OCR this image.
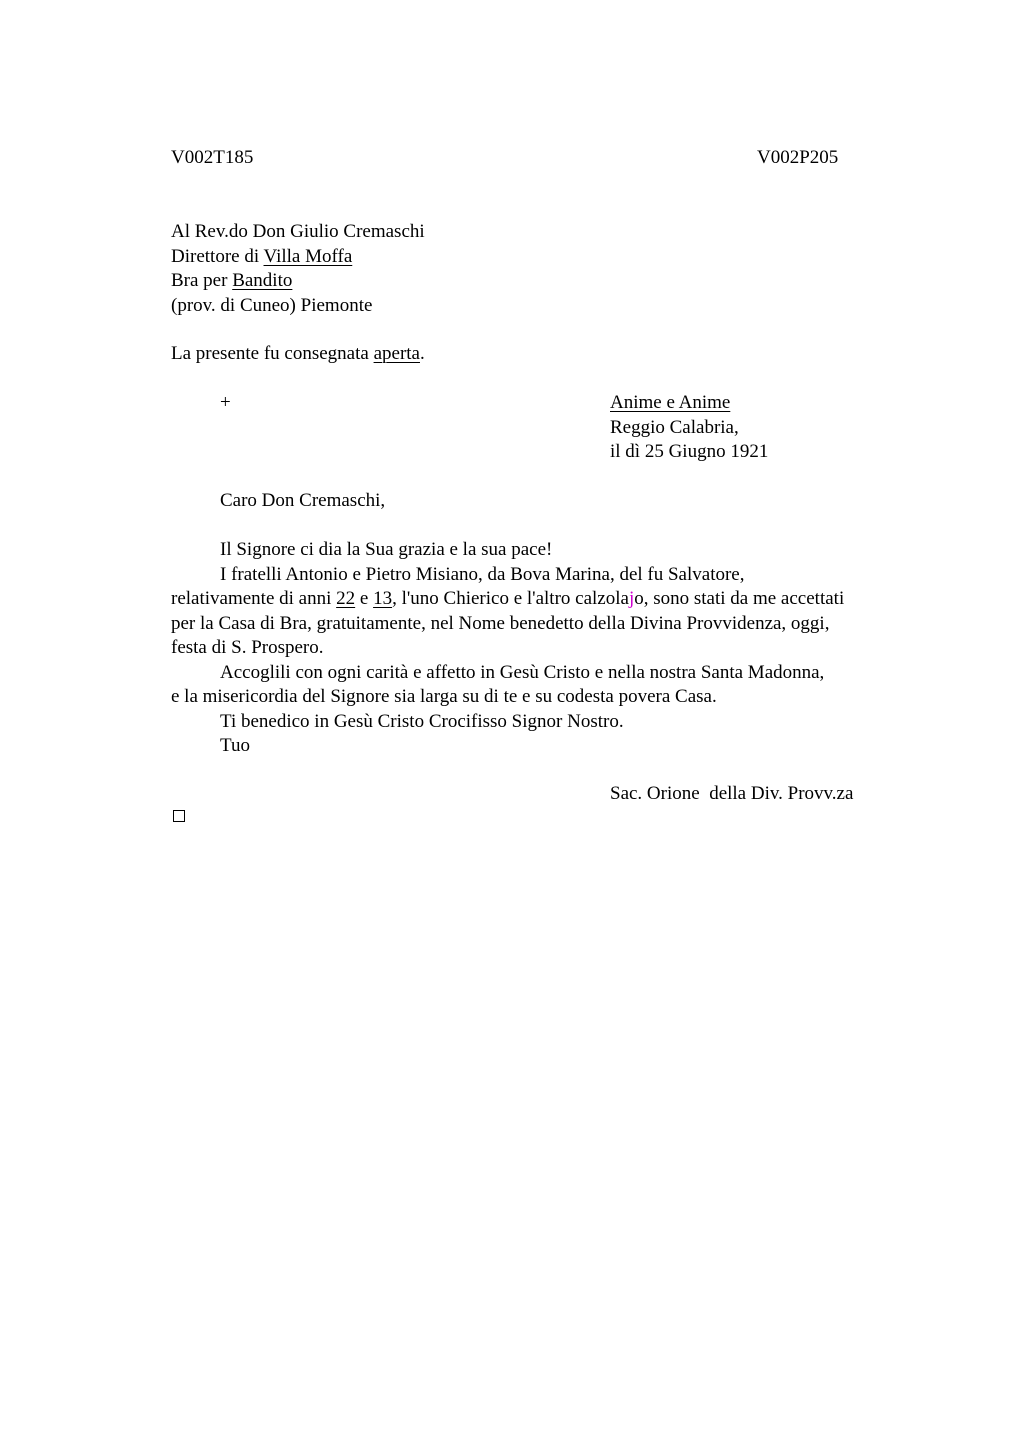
V002T185	V002P205
Al Rev.do Don Giulio Cremaschi
Direttore di Villa Moffa
Bra per Bandito
(prov. di Cuneo) Piemonte
La presente fu consegnata aperta.
+	Anime e Anime
Reggio Calabria,
il dì 25 Giugno 1921
Caro Don Cremaschi,
Il Signore ci dia la Sua grazia e la sua pace!
I fratelli Antonio e Pietro Misiano, da Bova Marina, del fu Salvatore,
relativamente di anni 22 e 13, l'uno Chierico e l'altro calzolajo, sono stati da me accettati
per la Casa di Bra, gratuitamente, nel Nome benedetto della Divina Provvidenza, oggi,
festa di S. Prospero.
Accoglili con ogni carità e affetto in Gesù Cristo e nella nostra Santa Madonna,
e la misericordia del Signore sia larga su di te e su codesta povera Casa.
Ti benedico in Gesù Cristo Crocifisso Signor Nostro.
Tuo
Sac. Orione  della Div. Provv.za
